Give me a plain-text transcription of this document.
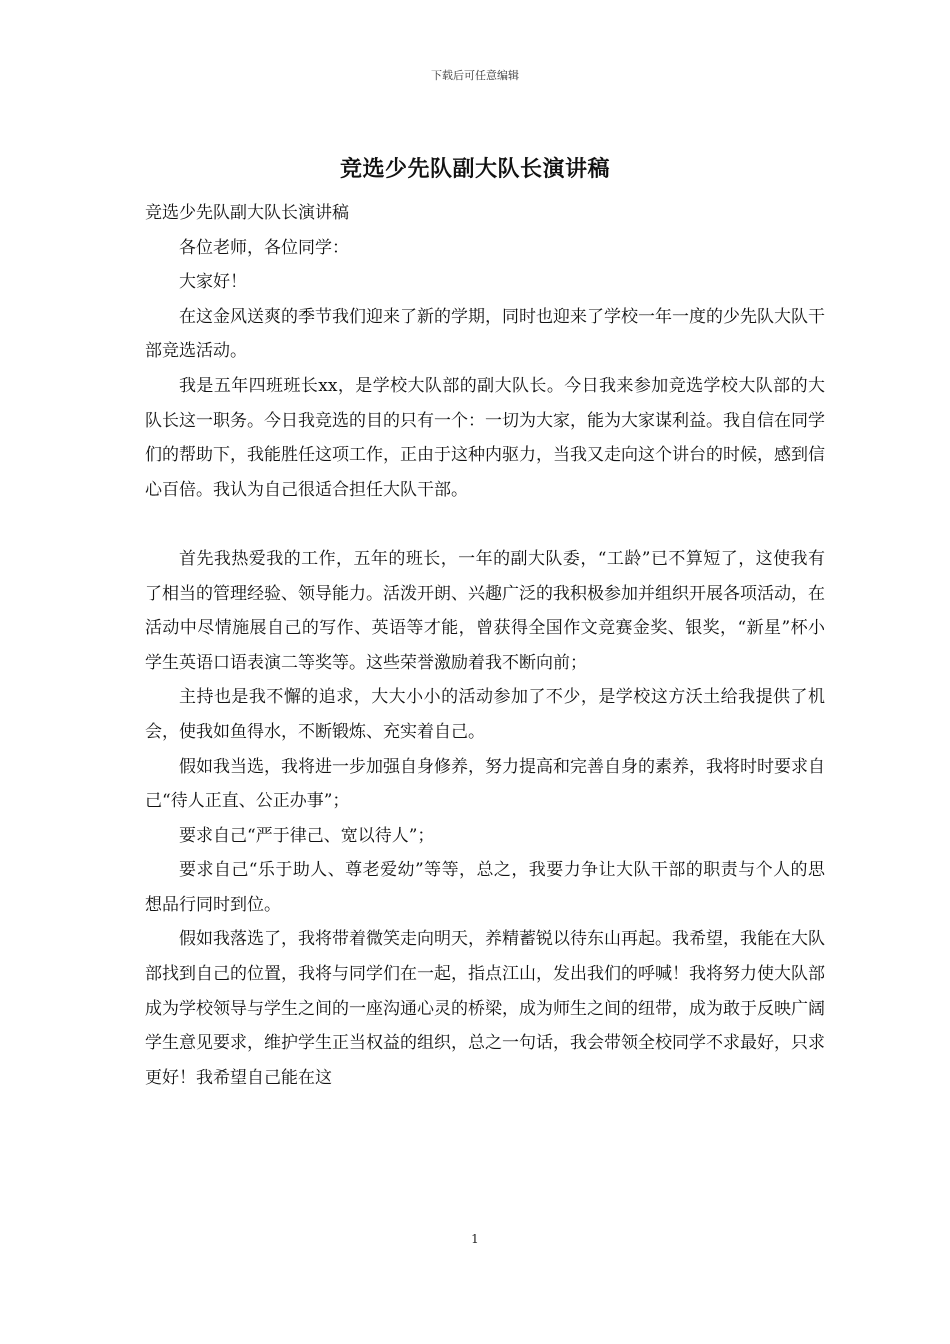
下载后可任意编辑
竞选少先队副大队长演讲稿

竞选少先队副大队长演讲稿

各位老师，各位同学：

大家好！

在这金风送爽的季节我们迎来了新的学期，同时也迎来了学校一年一度的少先队大队干部竞选活动。

我是五年四班班长xx，是学校大队部的副大队长。今日我来参加竞选学校大队部的大队长这一职务。今日我竞选的目的只有一个：一切为大家，能为大家谋利益。我自信在同学们的帮助下，我能胜任这项工作，正由于这种内驱力，当我又走向这个讲台的时候，感到信心百倍。我认为自己很适合担任大队干部。

首先我热爱我的工作，五年的班长，一年的副大队委，“工龄”已不算短了，这使我有了相当的管理经验、领导能力。活泼开朗、兴趣广泛的我积极参加并组织开展各项活动，在活动中尽情施展自己的写作、英语等才能，曾获得全国作文竞赛金奖、银奖，“新星”杯小学生英语口语表演二等奖等。这些荣誉激励着我不断向前；

主持也是我不懈的追求，大大小小的活动参加了不少，是学校这方沃土给我提供了机会，使我如鱼得水，不断锻炼、充实着自己。

假如我当选，我将进一步加强自身修养，努力提高和完善自身的素养，我将时时要求自己“待人正直、公正办事”；

要求自己“严于律己、宽以待人”；

要求自己“乐于助人、尊老爱幼”等等，总之，我要力争让大队干部的职责与个人的思想品行同时到位。

假如我落选了，我将带着微笑走向明天，养精蓄锐以待东山再起。我希望，我能在大队部找到自己的位置，我将与同学们在一起，指点江山，发出我们的呼喊！我将努力使大队部成为学校领导与学生之间的一座沟通心灵的桥梁，成为师生之间的纽带，成为敢于反映广阔学生意见要求，维护学生正当权益的组织，总之一句话，我会带领全校同学不求最好，只求更好！我希望自己能在这

1
